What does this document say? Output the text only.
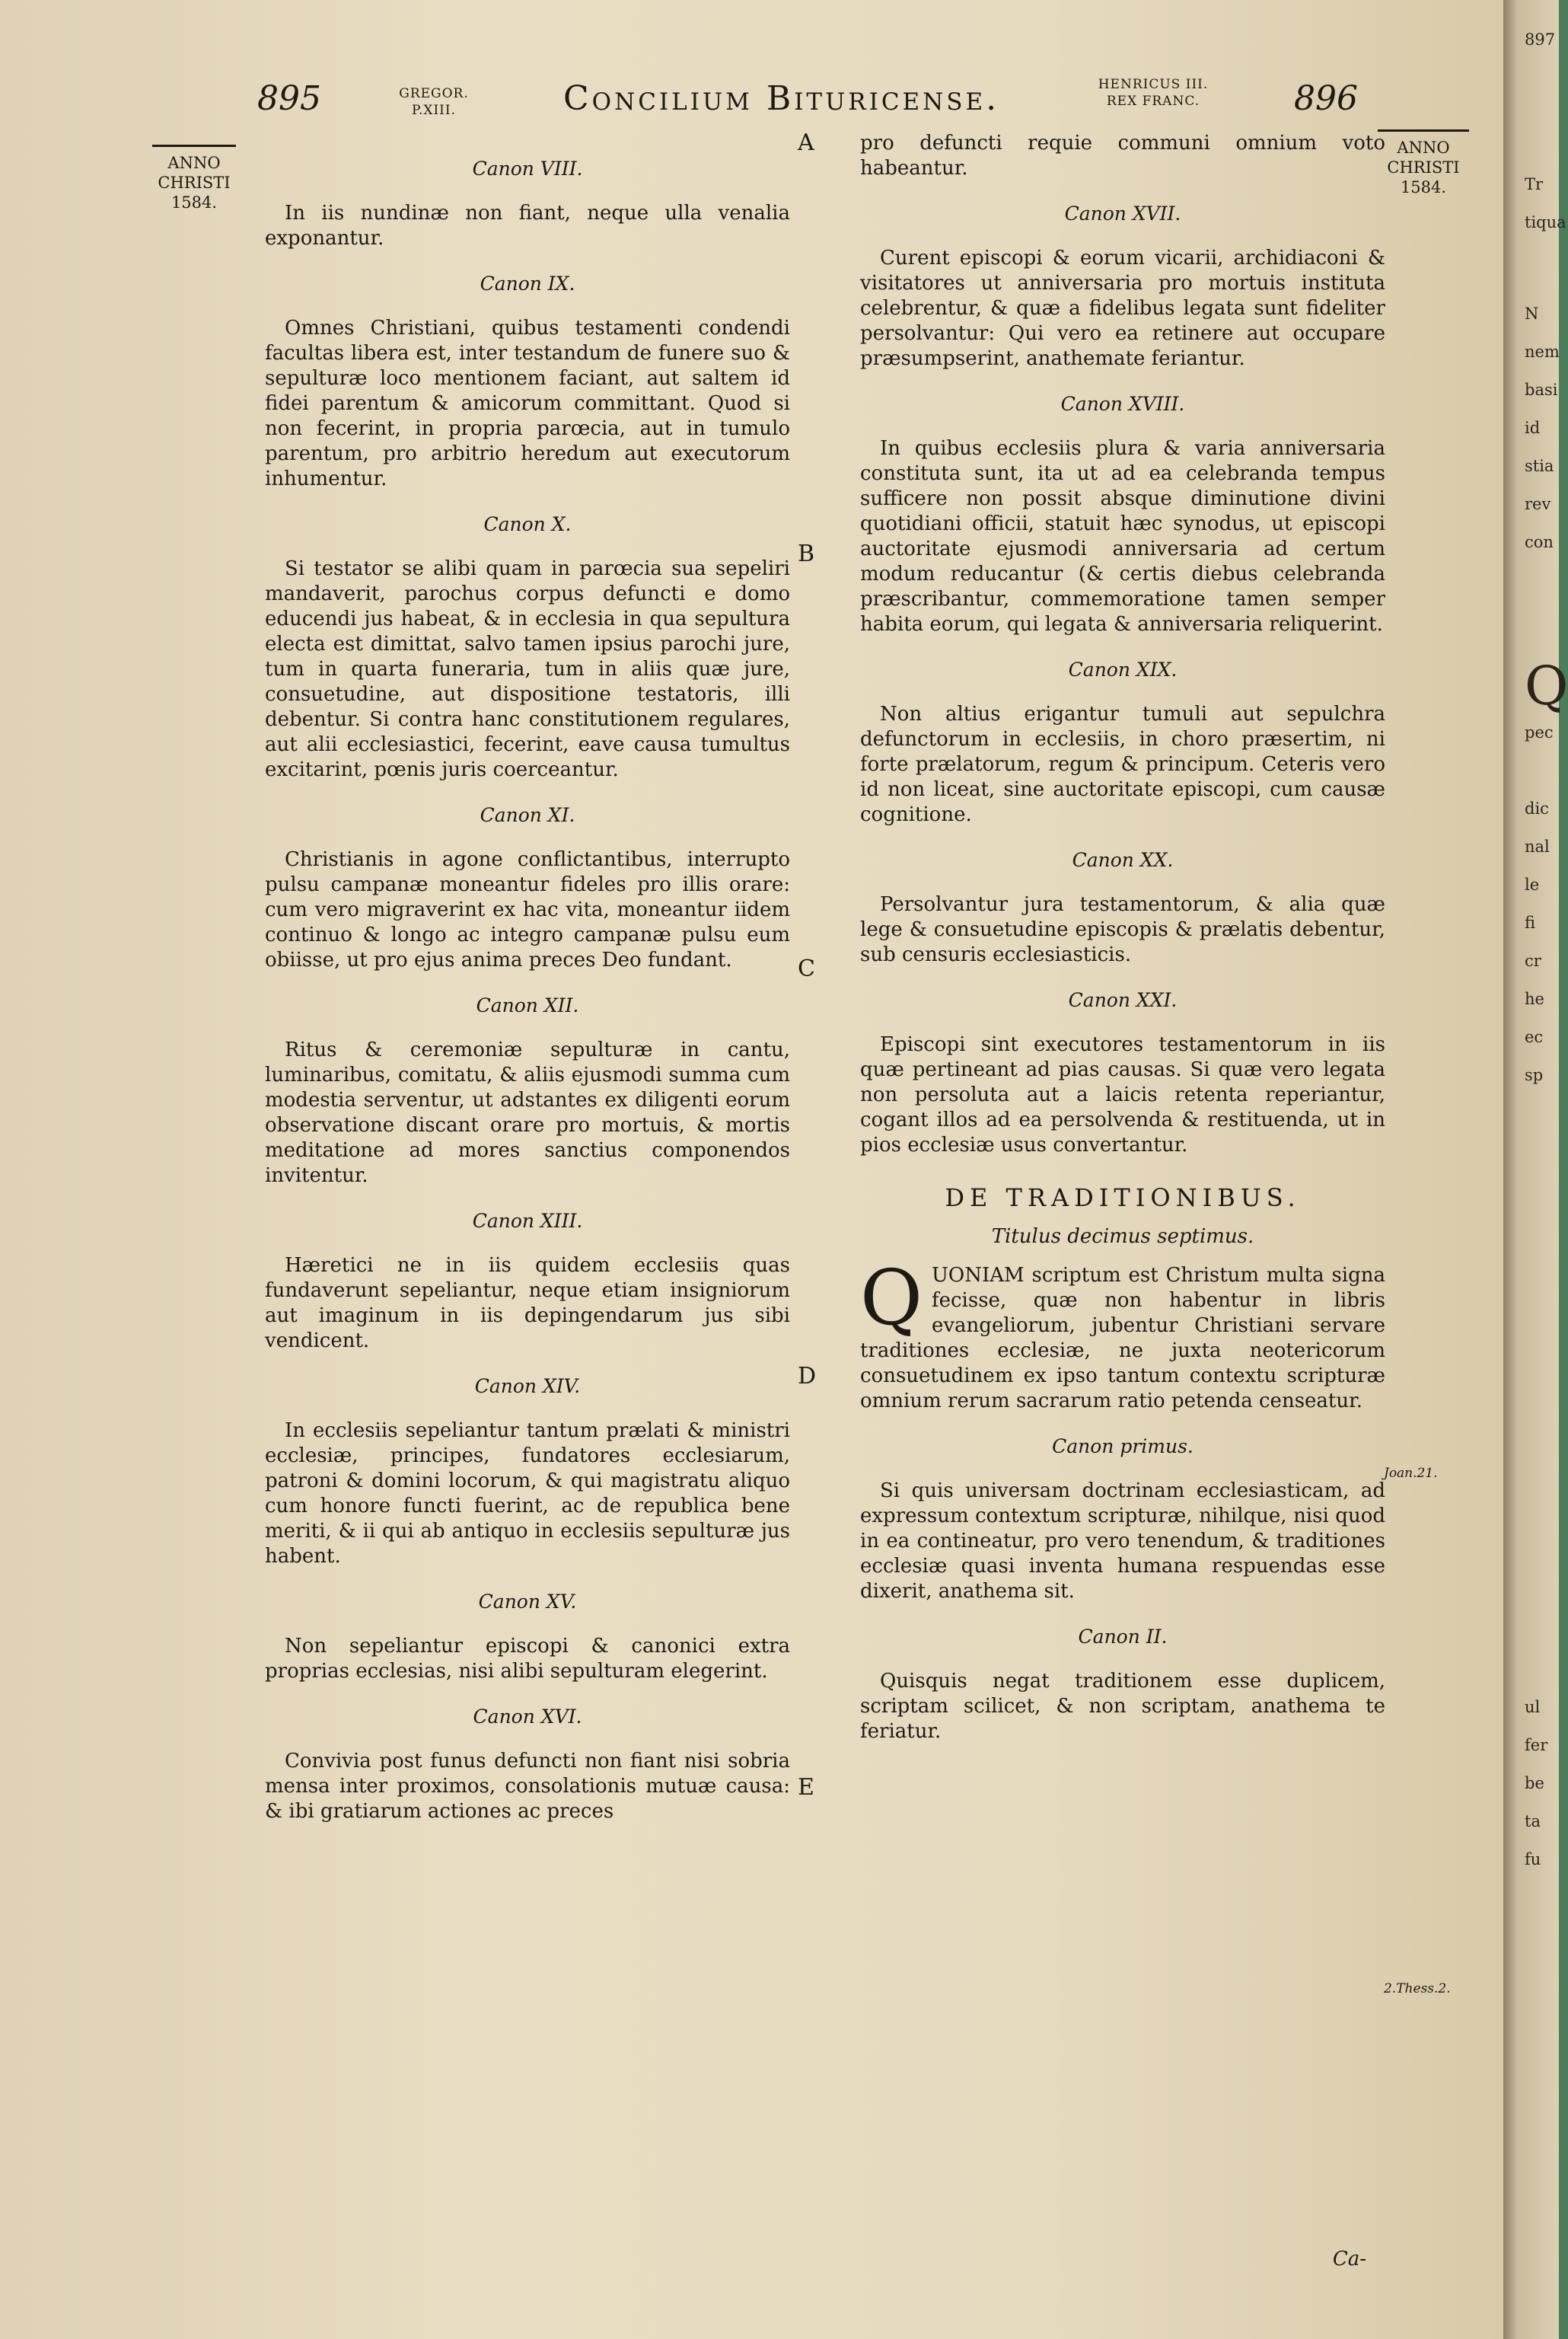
895	GREGOR. P.XIII.	Concilium Bituricense.	HENRICUS III. REX FRANC.	896
ANNO
CHRISTI
1584.
ANNO
CHRISTI
1584.
A
B
C
D
E
Joan.21.
2.Thess.2.
Canon VIII.

In iis nundinæ non fiant, neque ulla venalia exponantur.

Canon IX.

Omnes Christiani, quibus testamenti condendi facultas libera est, inter testandum de funere suo & sepulturæ loco mentionem faciant, aut saltem id fidei parentum & amicorum committant. Quod si non fecerint, in propria parœcia, aut in tumulo parentum, pro arbitrio heredum aut executorum inhumentur.

Canon X.

Si testator se alibi quam in parœcia sua sepeliri mandaverit, parochus corpus defuncti e domo educendi jus habeat, & in ecclesia in qua sepultura electa est dimittat, salvo tamen ipsius parochi jure, tum in quarta funeraria, tum in aliis quæ jure, consuetudine, aut dispositione testatoris, illi debentur. Si contra hanc constitutionem regulares, aut alii ecclesiastici, fecerint, eave causa tumultus excitarint, pœnis juris coerceantur.

Canon XI.

Christianis in agone conflictantibus, interrupto pulsu campanæ moneantur fideles pro illis orare: cum vero migraverint ex hac vita, moneantur iidem continuo & longo ac integro campanæ pulsu eum obiisse, ut pro ejus anima preces Deo fundant.

Canon XII.

Ritus & ceremoniæ sepulturæ in cantu, luminaribus, comitatu, & aliis ejusmodi summa cum modestia serventur, ut adstantes ex diligenti eorum observatione discant orare pro mortuis, & mortis meditatione ad mores sanctius componendos invitentur.

Canon XIII.

Hæretici ne in iis quidem ecclesiis quas fundaverunt sepeliantur, neque etiam insigniorum aut imaginum in iis depingendarum jus sibi vendicent.

Canon XIV.

In ecclesiis sepeliantur tantum prælati & ministri ecclesiæ, principes, fundatores ecclesiarum, patroni & domini locorum, & qui magistratu aliquo cum honore functi fuerint, ac de republica bene meriti, & ii qui ab antiquo in ecclesiis sepulturæ jus habent.

Canon XV.

Non sepeliantur episcopi & canonici extra proprias ecclesias, nisi alibi sepulturam elegerint.

Canon XVI.

Convivia post funus defuncti non fiant nisi sobria mensa inter proximos, consolationis mutuæ causa: & ibi gratiarum actiones ac preces

pro defuncti requie communi omnium voto habeantur.

Canon XVII.

Curent episcopi & eorum vicarii, archidiaconi & visitatores ut anniversaria pro mortuis instituta celebrentur, & quæ a fidelibus legata sunt fideliter persolvantur: Qui vero ea retinere aut occupare præsumpserint, anathemate feriantur.

Canon XVIII.

In quibus ecclesiis plura & varia anniversaria constituta sunt, ita ut ad ea celebranda tempus sufficere non possit absque diminutione divini quotidiani officii, statuit hæc synodus, ut episcopi auctoritate ejusmodi anniversaria ad certum modum reducantur (& certis diebus celebranda præscribantur, commemoratione tamen semper habita eorum, qui legata & anniversaria reliquerint.

Canon XIX.

Non altius erigantur tumuli aut sepulchra defunctorum in ecclesiis, in choro præsertim, ni forte prælatorum, regum & principum. Ceteris vero id non liceat, sine auctoritate episcopi, cum causæ cognitione.

Canon XX.

Persolvantur jura testamentorum, & alia quæ lege & consuetudine episcopis & prælatis debentur, sub censuris ecclesiasticis.

Canon XXI.

Episcopi sint executores testamentorum in iis quæ pertineant ad pias causas. Si quæ vero legata non persoluta aut a laicis retenta reperiantur, cogant illos ad ea persolvenda & restituenda, ut in pios ecclesiæ usus convertantur.

DE TRADITIONIBUS.
Titulus decimus septimus.

Q UONIAM scriptum est Christum multa signa fecisse, quæ non habentur in libris evangeliorum, jubentur Christiani servare traditiones ecclesiæ, ne juxta neotericorum consuetudinem ex ipso tantum contextu scripturæ omnium rerum sacrarum ratio petenda censeatur.

Canon primus.

Si quis universam doctrinam ecclesiasticam, ad expressum contextum scripturæ, nihilque, nisi quod in ea contineatur, pro vero tenendum, & traditiones ecclesiæ quasi inventa humana respuendas esse dixerit, anathema sit.

Canon II.

Quisquis negat traditionem esse duplicem, scriptam scilicet, & non scriptam, anathema te feriatur.

Ca-
897
Tr
tiqua
N
nem
basi
id
stia
rev
con
Q
pec
dic
nal
le
fi
cr
he
ec
sp
ul
fer
be
ta
fu
